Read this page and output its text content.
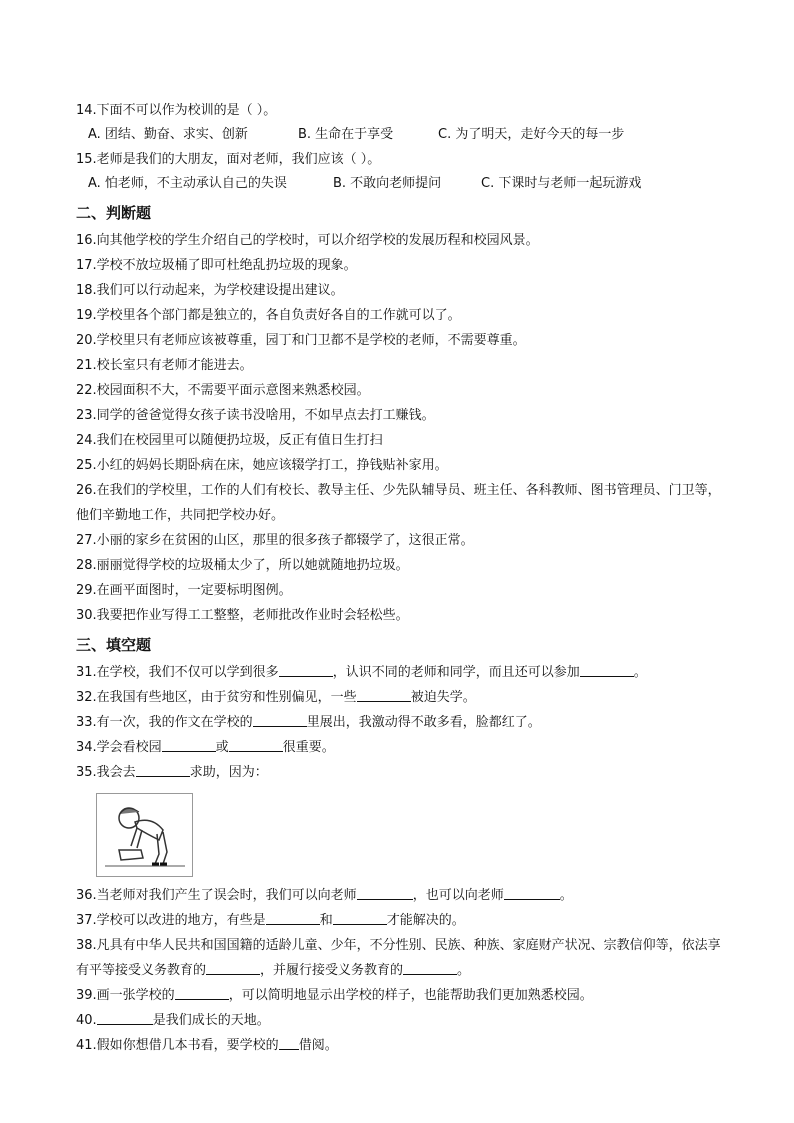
14.下面不可以作为校训的是（ ）。
A. 团结、勤奋、求实、创新	B. 生命在于享受	C. 为了明天，走好今天的每一步
15.老师是我们的大朋友，面对老师，我们应该（ ）。
A. 怕老师，不主动承认自己的失误	B. 不敢向老师提问	C. 下课时与老师一起玩游戏
二、判断题
16.向其他学校的学生介绍自己的学校时，可以介绍学校的发展历程和校园风景。
17.学校不放垃圾桶了即可杜绝乱扔垃圾的现象。
18.我们可以行动起来，为学校建设提出建议。
19.学校里各个部门都是独立的，各自负责好各自的工作就可以了。
20.学校里只有老师应该被尊重，园丁和门卫都不是学校的老师，不需要尊重。
21.校长室只有老师才能进去。
22.校园面积不大，不需要平面示意图来熟悉校园。
23.同学的爸爸觉得女孩子读书没啥用，不如早点去打工赚钱。
24.我们在校园里可以随便扔垃圾，反正有值日生打扫
25.小红的妈妈长期卧病在床，她应该辍学打工，挣钱贴补家用。
26.在我们的学校里，工作的人们有校长、教导主任、少先队辅导员、班主任、各科教师、图书管理员、门卫等，他们辛勤地工作，共同把学校办好。
27.小丽的家乡在贫困的山区，那里的很多孩子都辍学了，这很正常。
28.丽丽觉得学校的垃圾桶太少了，所以她就随地扔垃圾。
29.在画平面图时，一定要标明图例。
30.我要把作业写得工工整整，老师批改作业时会轻松些。
三、填空题
31.在学校，我们不仅可以学到很多	，认识不同的老师和同学，而且还可以参加	。
32.在我国有些地区，由于贫穷和性别偏见，一些	被迫失学。
33.有一次，我的作文在学校的	里展出，我激动得不敢多看，脸都红了。
34.学会看校园	或	很重要。
35.我会去	求助，因为：
36.当老师对我们产生了误会时，我们可以向老师	，也可以向老师	。
37.学校可以改进的地方，有些是	和	才能解决的。
38.凡具有中华人民共和国国籍的适龄儿童、少年，不分性别、民族、种族、家庭财产状况、宗教信仰等，依法享有平等接受义务教育的	，并履行接受义务教育的	。
39.画一张学校的	，可以简明地显示出学校的样子，也能帮助我们更加熟悉校园。
40.	是我们成长的天地。
41.假如你想借几本书看，要学校的 借阅。
